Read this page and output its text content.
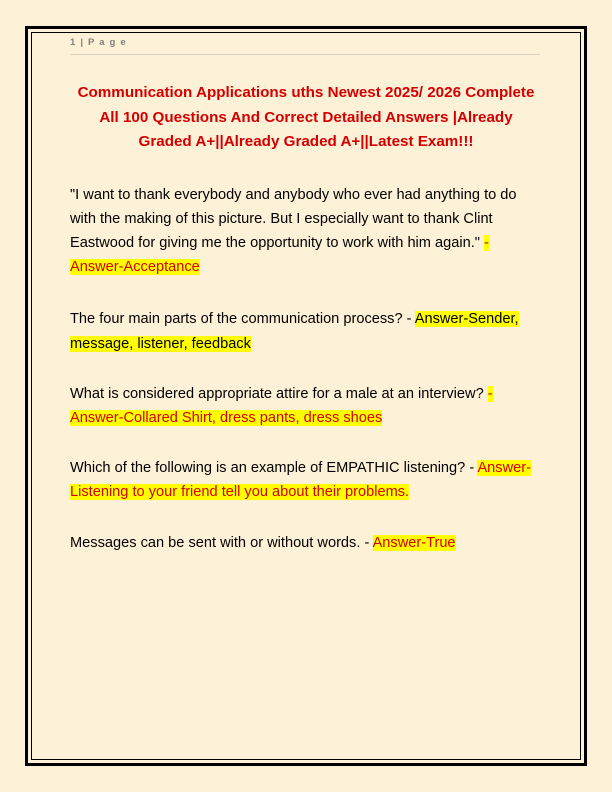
1 | P a g e
Communication Applications uths Newest 2025/ 2026 Complete All 100 Questions And Correct Detailed Answers |Already Graded A+||Already Graded A+||Latest Exam!!!
"I want to thank everybody and anybody who ever had anything to do with the making of this picture. But I especially want to thank Clint Eastwood for giving me the opportunity to work with him again." - Answer-Acceptance
The four main parts of the communication process? - Answer-Sender, message, listener, feedback
What is considered appropriate attire for a male at an interview? - Answer-Collared Shirt, dress pants, dress shoes
Which of the following is an example of EMPATHIC listening? - Answer-Listening to your friend tell you about their problems.
Messages can be sent with or without words. - Answer-True
